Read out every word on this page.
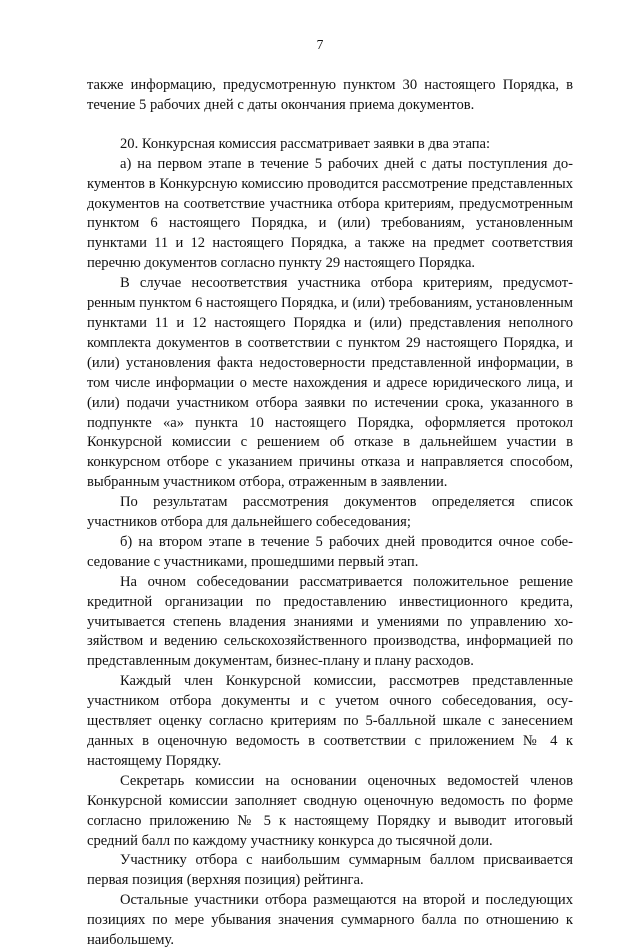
7

также информацию, предусмотренную пунктом 30 настоящего Порядка, в течение 5 рабочих дней с даты окончания приема документов.

20. Конкурсная комиссия рассматривает заявки в два этапа:

а) на первом этапе в течение 5 рабочих дней с даты поступления документов в Конкурсную комиссию проводится рассмотрение представленных документов на соответствие участника отбора критериям, предусмотренным пунктом 6 настоящего Порядка, и (или) требованиям, установленным пунктами 11 и 12 настоящего Порядка, а также на предмет соответствия перечню документов согласно пункту 29 настоящего Порядка.

В случае несоответствия участника отбора критериям, предусмотренным пунктом 6 настоящего Порядка, и (или) требованиям, установленным пунктами 11 и 12 настоящего Порядка и (или) представления неполного комплекта документов в соответствии с пунктом 29 настоящего Порядка, и (или) установления факта недостоверности представленной информации, в том числе информации о месте нахождения и адресе юридического лица, и (или) подачи участником отбора заявки по истечении срока, указанного в подпункте «а» пункта 10 настоящего Порядка, оформляется протокол Конкурсной комиссии с решением об отказе в дальнейшем участии в конкурсном отборе с указанием причины отказа и направляется способом, выбранным участником отбора, отраженным в заявлении.

По результатам рассмотрения документов определяется список участников отбора для дальнейшего собеседования;

б) на втором этапе в течение 5 рабочих дней проводится очное собеседование с участниками, прошедшими первый этап.

На очном собеседовании рассматривается положительное решение кредитной организации по предоставлению инвестиционного кредита, учитывается степень владения знаниями и умениями по управлению хозяйством и ведению сельскохозяйственного производства, информацией по представленным документам, бизнес-плану и плану расходов.

Каждый член Конкурсной комиссии, рассмотрев представленные участником отбора документы и с учетом очного собеседования, осуществляет оценку согласно критериям по 5-балльной шкале с занесением данных в оценочную ведомость в соответствии с приложением № 4 к настоящему Порядку.

Секретарь комиссии на основании оценочных ведомостей членов Конкурсной комиссии заполняет сводную оценочную ведомость по форме согласно приложению № 5 к настоящему Порядку и выводит итоговый средний балл по каждому участнику конкурса до тысячной доли.

Участнику отбора с наибольшим суммарным баллом присваивается первая позиция (верхняя позиция) рейтинга.

Остальные участники отбора размещаются на второй и последующих позициях по мере убывания значения суммарного балла по отношению к наибольшему.
